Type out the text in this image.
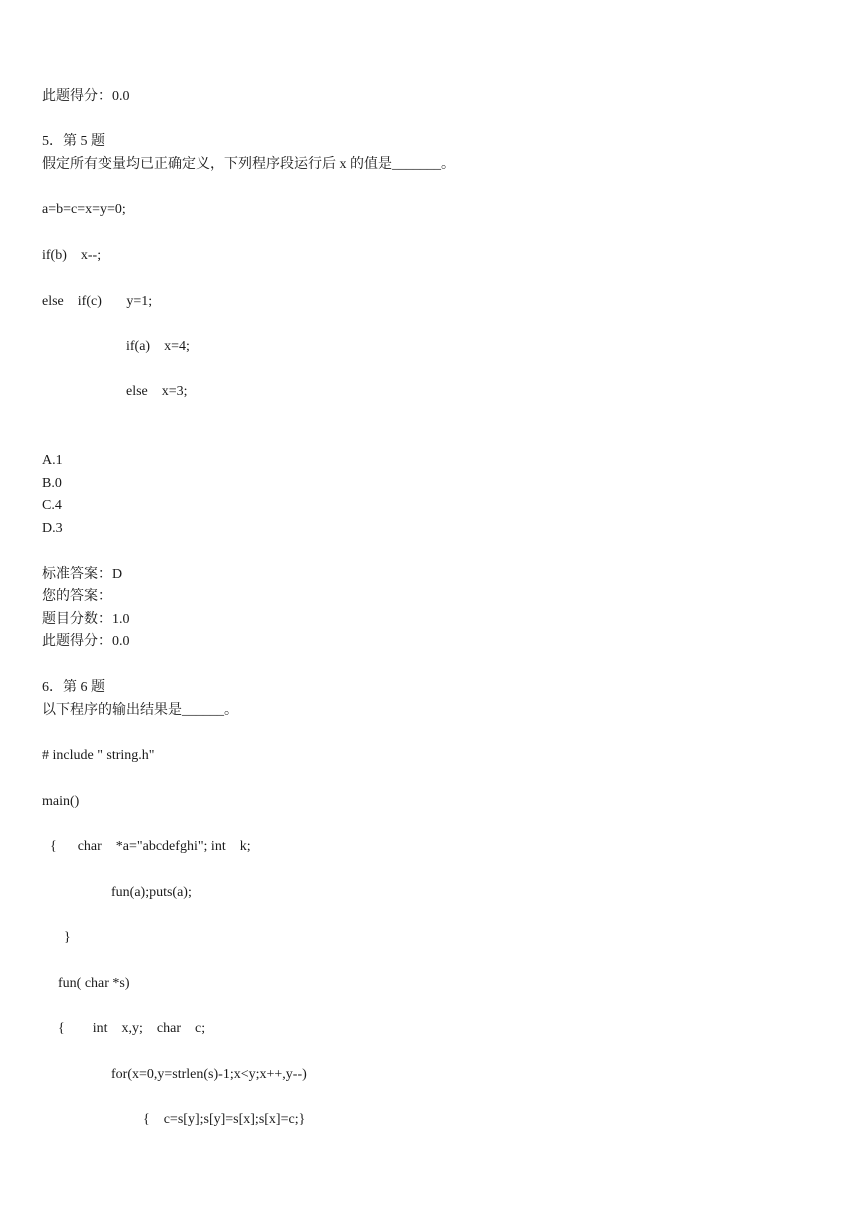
此题得分：0.0
5．第 5 题
假定所有变量均已正确定义，下列程序段运行后 x 的值是_______。
a=b=c=x=y=0;
if(b)    x--;
else    if(c)       y=1;
if(a)    x=4;
else    x=3;
A.1
B.0
C.4
D.3
标准答案：D
您的答案：
题目分数：1.0
此题得分：0.0
6．第 6 题
以下程序的输出结果是______。
# include " string.h"
main()
{      char    *a="abcdefghi"; int    k;
fun(a);puts(a);
}
fun( char *s)
{        int    x,y;    char    c;
for(x=0,y=strlen(s)-1;x<y;x++,y--)
{    c=s[y];s[y]=s[x];s[x]=c;}
